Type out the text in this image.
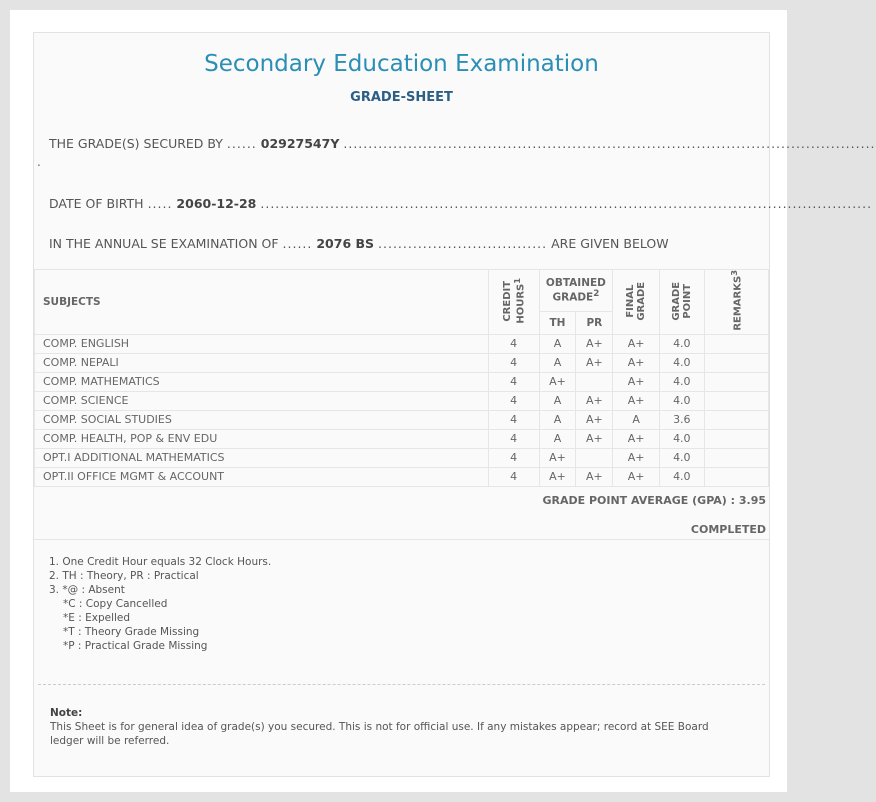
Secondary Education Examination
GRADE-SHEET
THE GRADE(S) SECURED BY ...... 02927547Y ...........................................................................................................
.
DATE OF BIRTH ..... 2060-12-28 ...........................................................................................................................
IN THE ANNUAL SE EXAMINATION OF ...... 2076 BS .................................. ARE GIVEN BELOW
SUBJECTS	CREDIT HOURS$^1$	OBTAINED GRADE$^2$		FINAL GRADE	GRADE POINT	REMARKS$^3$
		TH	PR			
COMP. ENGLISH	4	A	A+	A+	4.0	
COMP. NEPALI	4	A	A+	A+	4.0	
COMP. MATHEMATICS	4	A+		A+	4.0	
COMP. SCIENCE	4	A	A+	A+	4.0	
COMP. SOCIAL STUDIES	4	A	A+	A	3.6	
COMP. HEALTH, POP & ENV EDU	4	A	A+	A+	4.0	
OPT.I ADDITIONAL MATHEMATICS	4	A+		A+	4.0	
OPT.II OFFICE MGMT & ACCOUNT	4	A+	A+	A+	4.0	
GRADE POINT AVERAGE (GPA) : 3.95
COMPLETED
1. One Credit Hour equals 32 Clock Hours.
2. TH : Theory, PR : Practical
3. *@ : Absent
*C : Copy Cancelled
*E : Expelled
*T : Theory Grade Missing
*P : Practical Grade Missing
Note:
This Sheet is for general idea of grade(s) you secured. This is not for official use. If any mistakes appear; record at SEE Board ledger will be referred.
